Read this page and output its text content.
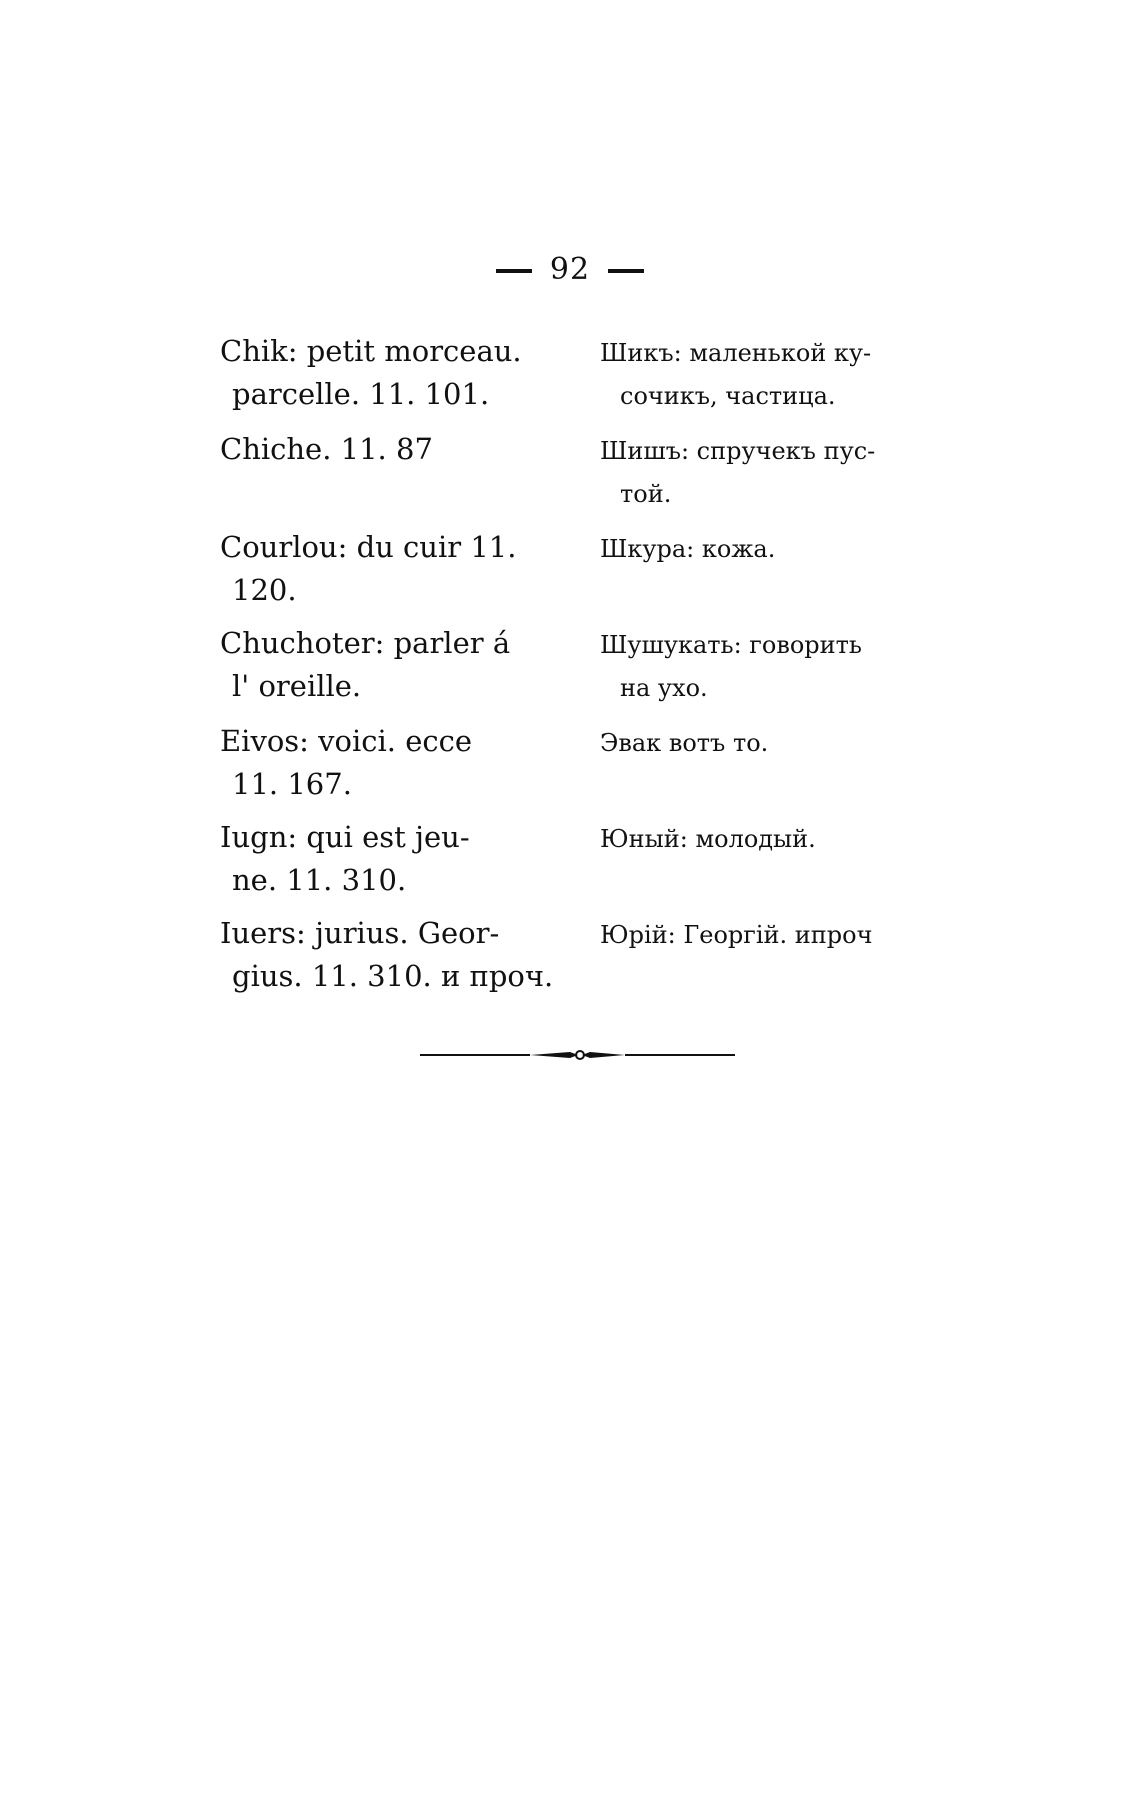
92
Chik: petit morceau.
parcelle. 11. 101.
Шикъ: маленькой ку-
сочикъ, частица.
Chiche. 11. 87	Шишъ: спручекъ пус-
той.
Courlou: du cuir 11.
120.
Шкура: кожа.
Chuchoter: parler á
l' oreille.
Шушукать: говорить
на ухо.
Eivos: voici. ecce
11. 167.
Эвак вотъ то.
Iugn: qui est jeu-
ne. 11. 310.
Юный: молодый.
Iuers: jurius. Geor-
gius. 11. 310. и проч.
Юрій: Георгій. ипроч
